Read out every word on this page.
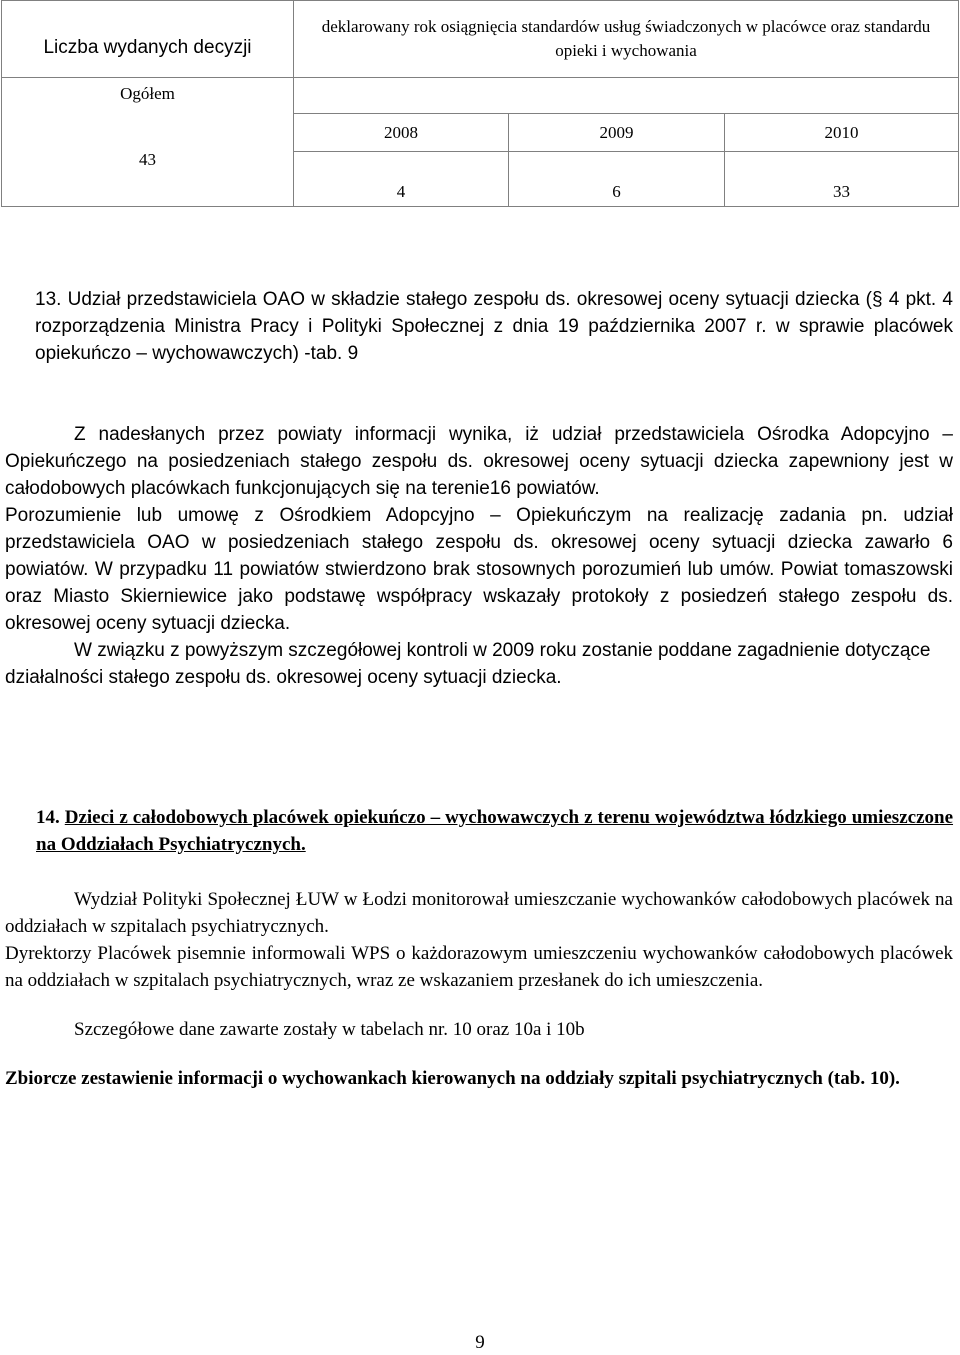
Liczba wydanych decyzji	deklarowany rok osiągnięcia standardów usług świadczonych w placówce oraz standardu opieki i wychowania		
Ogółem			
43	2008	2009	2010
	4	6	33

13. Udział przedstawiciela OAO w składzie stałego zespołu ds. okresowej oceny sytuacji dziecka (§ 4 pkt. 4 rozporządzenia Ministra Pracy i Polityki Społecznej z dnia 19 października 2007 r. w sprawie placówek opiekuńczo – wychowawczych) -tab. 9

Z nadesłanych przez powiaty informacji wynika, iż udział przedstawiciela Ośrodka Adopcyjno – Opiekuńczego na posiedzeniach stałego zespołu ds. okresowej oceny sytuacji dziecka zapewniony jest w całodobowych placówkach funkcjonujących się na terenie16 powiatów.

Porozumienie lub umowę z Ośrodkiem Adopcyjno – Opiekuńczym na realizację zadania pn. udział przedstawiciela OAO w posiedzeniach stałego zespołu ds. okresowej oceny sytuacji dziecka zawarło 6 powiatów. W przypadku 11 powiatów stwierdzono brak stosownych porozumień lub umów. Powiat tomaszowski oraz Miasto Skierniewice jako podstawę współpracy wskazały protokoły z posiedzeń stałego zespołu ds. okresowej oceny sytuacji dziecka.

W związku z powyższym szczegółowej kontroli w 2009 roku zostanie poddane zagadnienie dotyczące działalności stałego zespołu ds. okresowej oceny sytuacji dziecka.

14. Dzieci z całodobowych placówek opiekuńczo – wychowawczych z terenu województwa łódzkiego umieszczone na Oddziałach Psychiatrycznych.

Wydział Polityki Społecznej ŁUW w Łodzi monitorował umieszczanie wychowanków całodobowych placówek na oddziałach w szpitalach psychiatrycznych.

Dyrektorzy Placówek pisemnie informowali WPS o każdorazowym umieszczeniu wychowanków całodobowych placówek na oddziałach w szpitalach psychiatrycznych, wraz ze wskazaniem przesłanek do ich umieszczenia.

Szczegółowe dane zawarte zostały w tabelach nr. 10 oraz 10a i 10b

Zbiorcze zestawienie informacji o wychowankach kierowanych na oddziały szpitali psychiatrycznych (tab. 10).

9
